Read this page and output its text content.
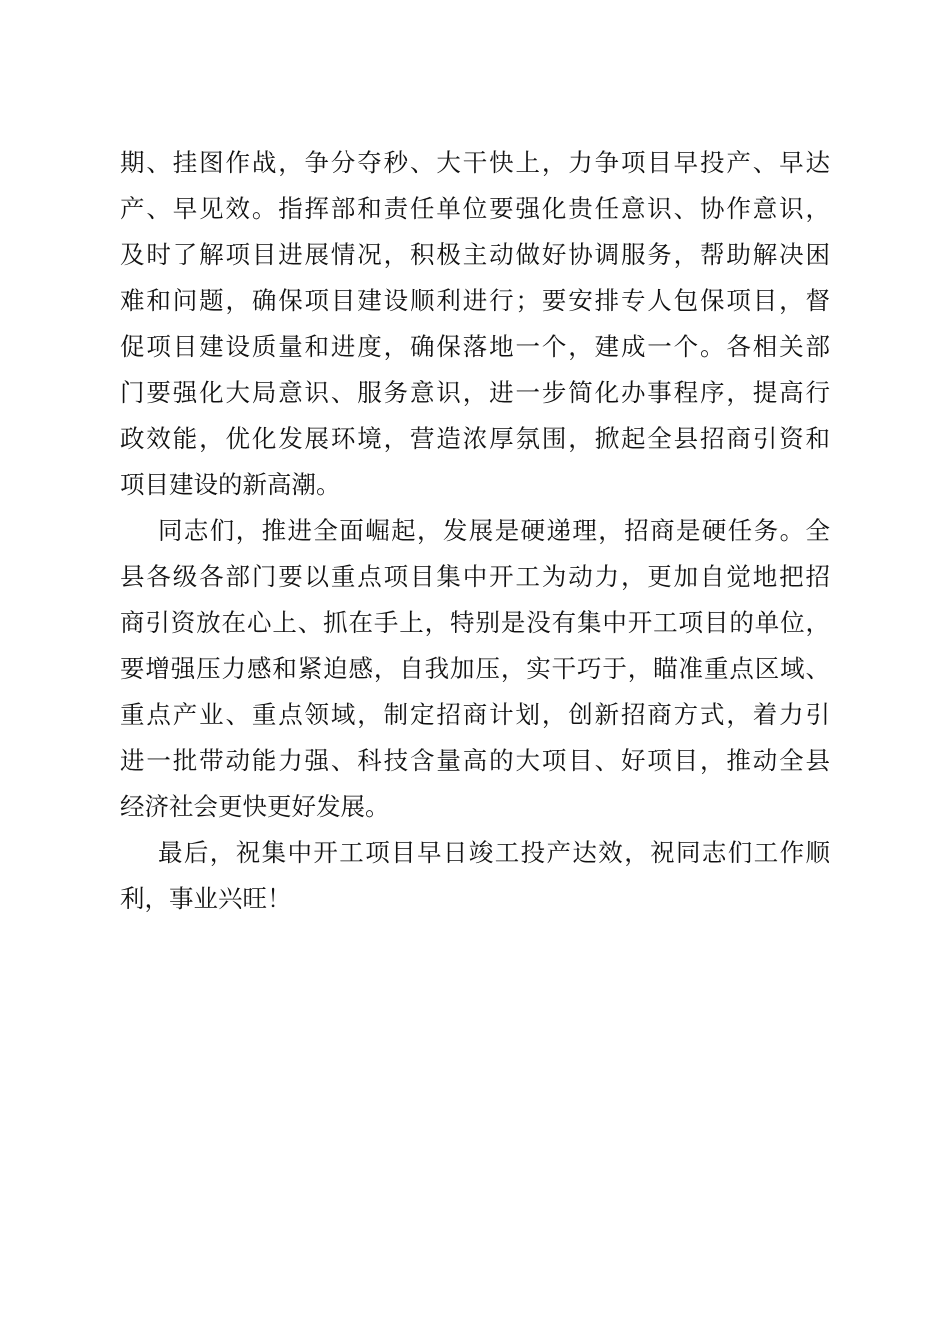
期、挂图作战，争分夺秒、大干快上，力争项目早投产、早达
产、早见效。指挥部和责任单位要强化贵任意识、协作意识，
及时了解项目进展情况，积极主动做好协调服务，帮助解决困
难和问题，确保项目建设顺利进行；要安排专人包保项目，督
促项目建设质量和进度，确保落地一个，建成一个。各相关部
门要强化大局意识、服务意识，进一步简化办事程序，提高行
政效能，优化发展环境，营造浓厚氛围，掀起全县招商引资和
项目建设的新高潮。
同志们，推进全面崛起，发展是硬递理，招商是硬任务。全
县各级各部门要以重点项目集中开工为动力，更加自觉地把招
商引资放在心上、抓在手上，特别是没有集中开工项目的单位，
要增强压力感和紧迫感，自我加压，实干巧于，瞄准重点区域、
重点产业、重点领域，制定招商计划，创新招商方式，着力引
进一批带动能力强、科技含量高的大项目、好项目，推动全县
经济社会更快更好发展。
最后，祝集中开工项目早日竣工投产达效，祝同志们工作顺
利，事业兴旺！
